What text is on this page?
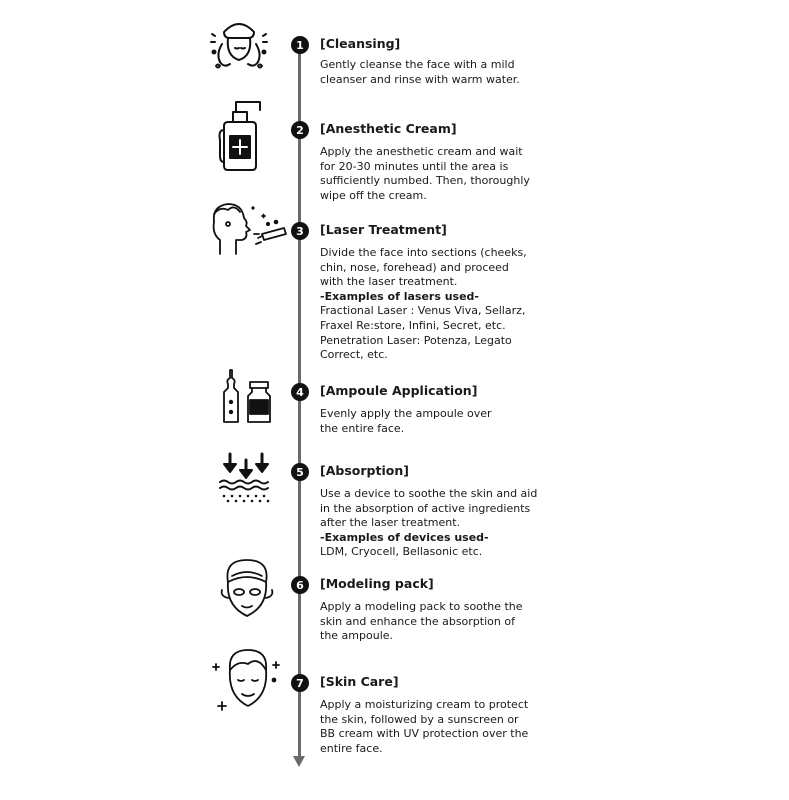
1	[Cleansing]

Gently cleanse the face with a mild

cleanser and rinse with warm water.

2	[Anesthetic Cream]

Apply the anesthetic cream and wait

for 20-30 minutes until the area is

sufficiently numbed. Then, thoroughly

wipe off the cream.

3	[Laser Treatment]

Divide the face into sections (cheeks,

chin, nose, forehead) and proceed

with the laser treatment.

-Examples of lasers used-

Fractional Laser : Venus Viva, Sellarz,

Fraxel Re:store, Infini, Secret, etc.

Penetration Laser: Potenza, Legato

Correct, etc.

4	[Ampoule Application]

Evenly apply the ampoule over

the entire face.

5	[Absorption]

Use a device to soothe the skin and aid

in the absorption of active ingredients

after the laser treatment.

-Examples of devices used-

LDM, Cryocell, Bellasonic etc.

6	[Modeling pack]

Apply a modeling pack to soothe the

skin and enhance the absorption of

the ampoule.

7	[Skin Care]

Apply a moisturizing cream to protect

the skin, followed by a sunscreen or

BB cream with UV protection over the

entire face.
